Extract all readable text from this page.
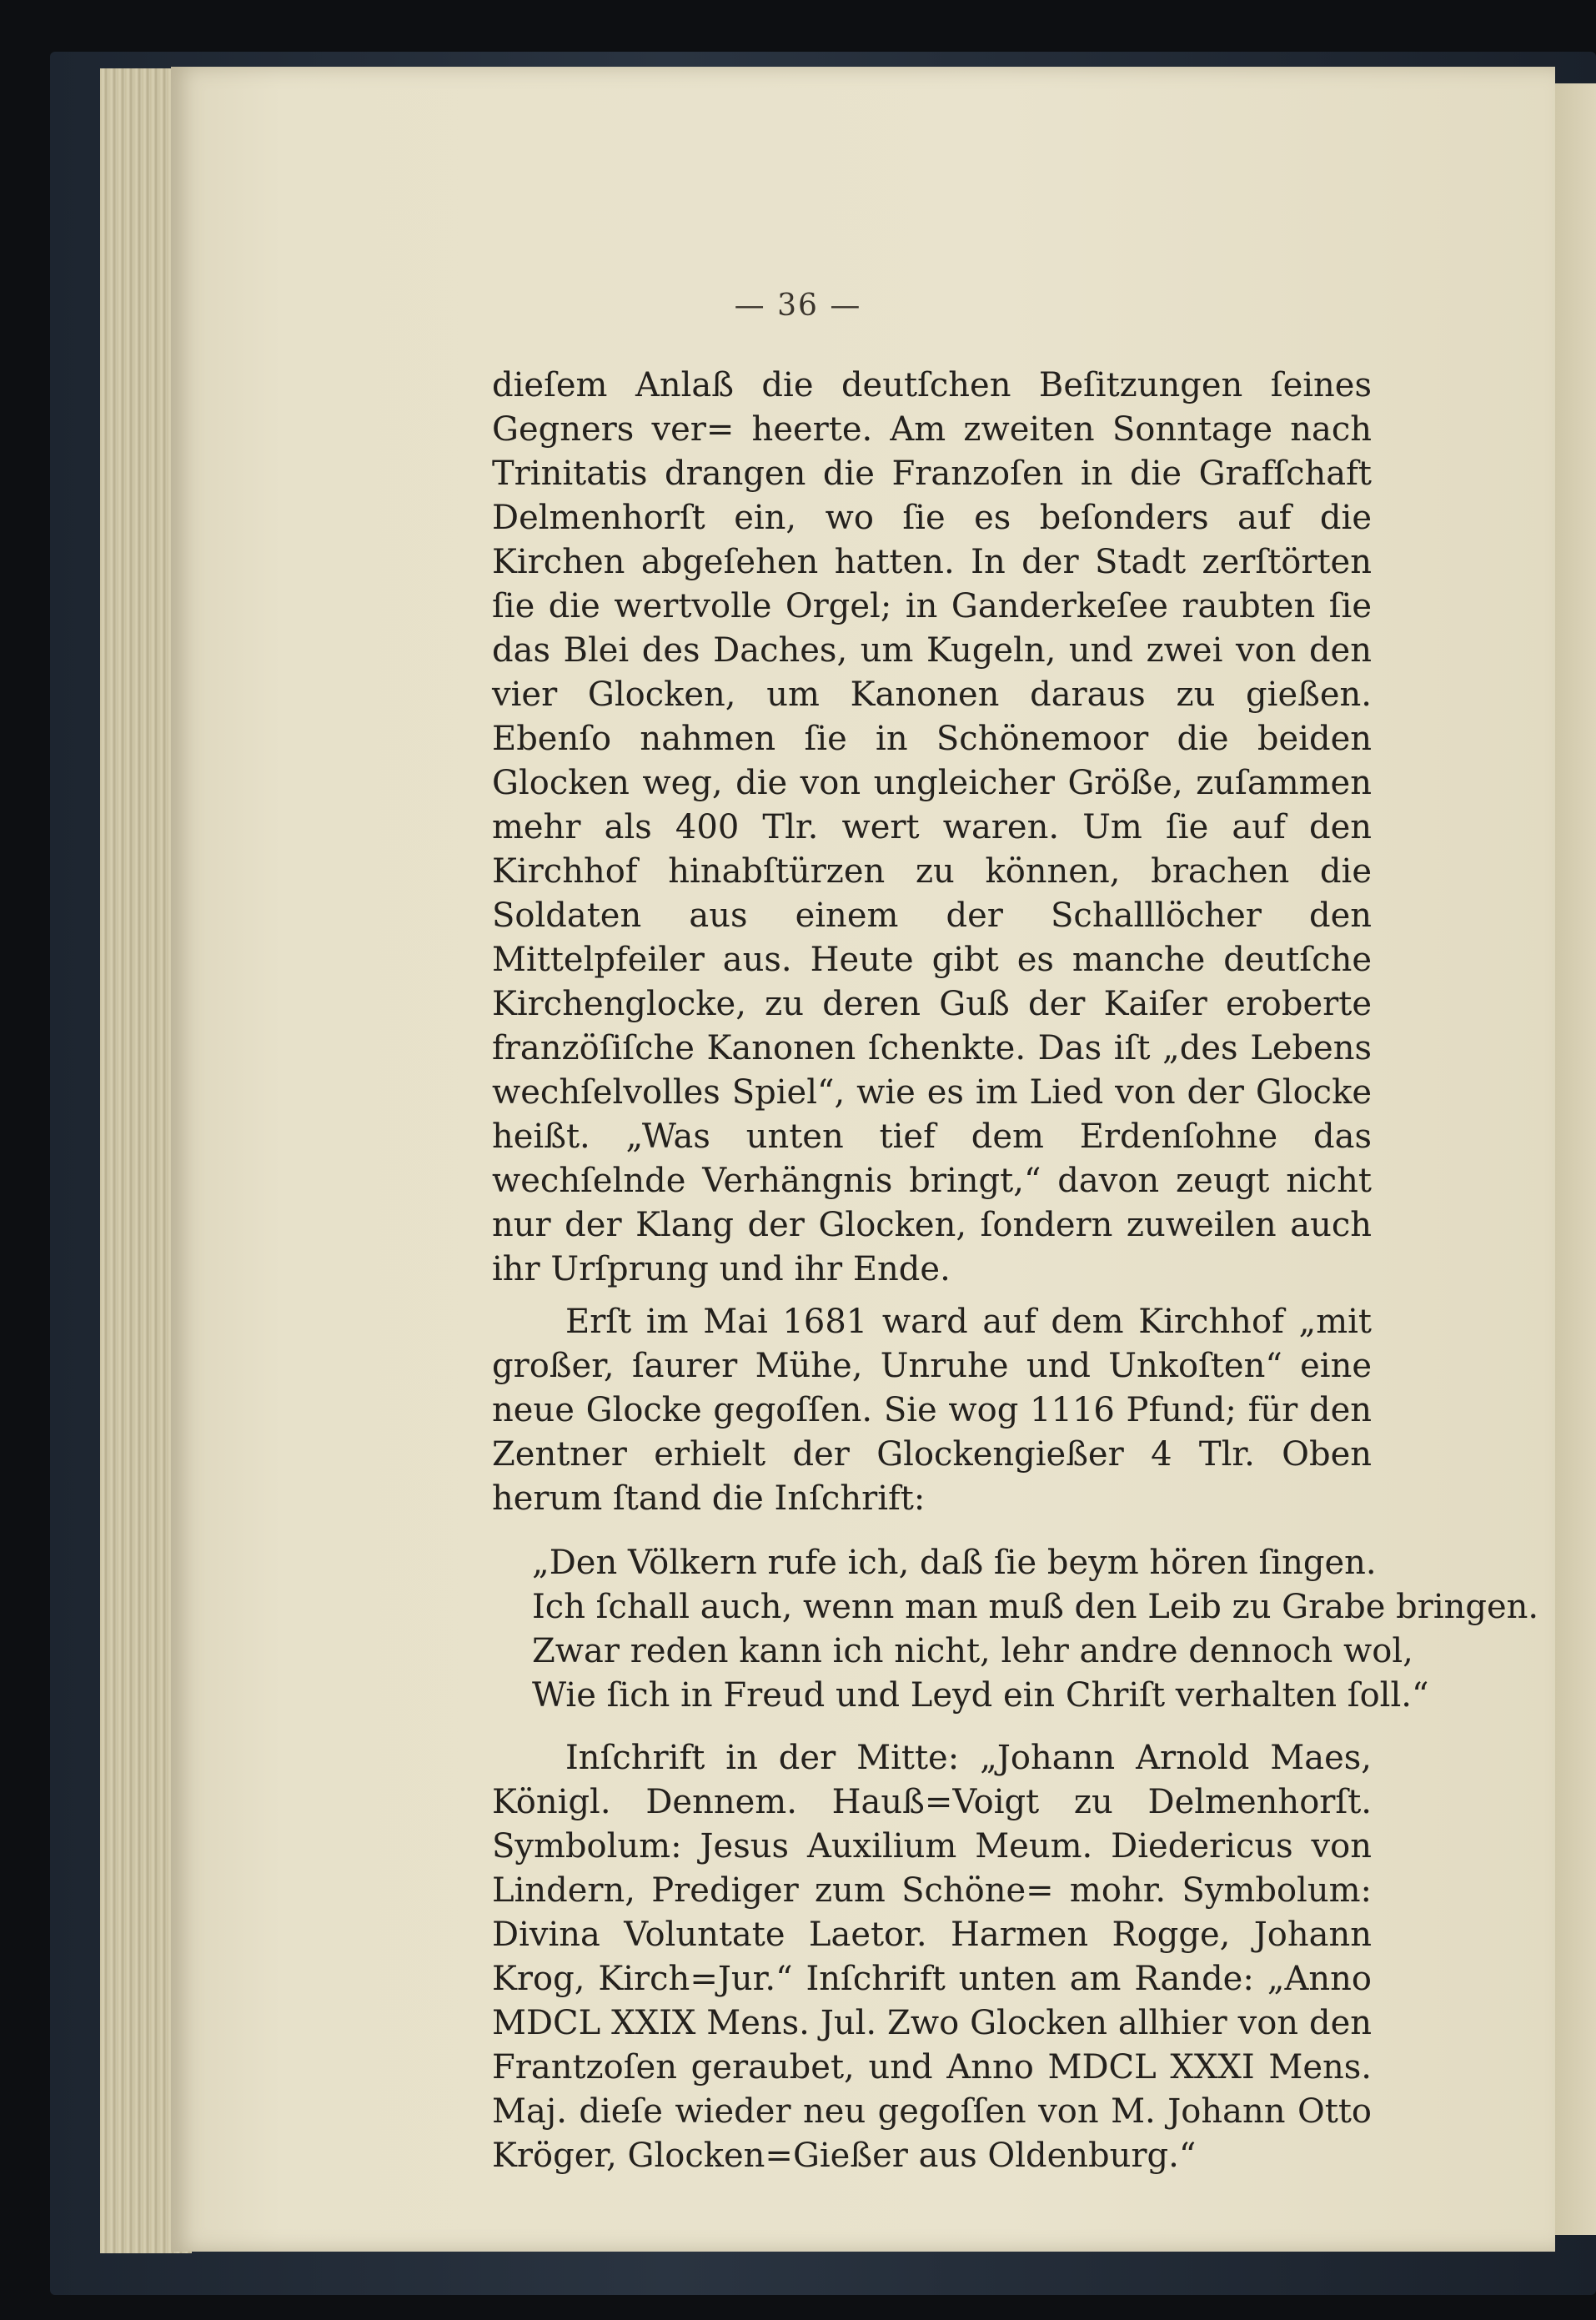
— 36 —

dieſem Anlaß die deutſchen Beſitzungen ſeines Gegners ver= heerte. Am zweiten Sonntage nach Trinitatis drangen die Franzoſen in die Grafſchaft Delmenhorſt ein, wo ſie es beſonders auf die Kirchen abgeſehen hatten. In der Stadt zerſtörten ſie die wertvolle Orgel; in Ganderkeſee raubten ſie das Blei des Daches, um Kugeln, und zwei von den vier Glocken, um Kanonen daraus zu gießen. Ebenſo nahmen ſie in Schönemoor die beiden Glocken weg, die von ungleicher Größe, zuſammen mehr als 400 Tlr. wert waren. Um ſie auf den Kirchhof hinabſtürzen zu können, brachen die Soldaten aus einem der Schalllöcher den Mittelpfeiler aus. Heute gibt es manche deutſche Kirchenglocke, zu deren Guß der Kaiſer eroberte franzöſiſche Kanonen ſchenkte. Das iſt „des Lebens wechſelvolles Spiel“, wie es im Lied von der Glocke heißt. „Was unten tief dem Erdenſohne das wechſelnde Verhängnis bringt,“ davon zeugt nicht nur der Klang der Glocken, ſondern zuweilen auch ihr Urſprung und ihr Ende.

Erſt im Mai 1681 ward auf dem Kirchhof „mit großer, ſaurer Mühe, Unruhe und Unkoſten“ eine neue Glocke gegoſſen. Sie wog 1116 Pfund; für den Zentner erhielt der Glockengießer 4 Tlr. Oben herum ſtand die Inſchrift:

„Den Völkern rufe ich, daß ſie beym hören ſingen.
Ich ſchall auch, wenn man muß den Leib zu Grabe bringen.
Zwar reden kann ich nicht, lehr andre dennoch wol,
Wie ſich in Freud und Leyd ein Chriſt verhalten ſoll.“

Inſchrift in der Mitte: „Johann Arnold Maes, Königl. Dennem. Hauß=Voigt zu Delmenhorſt. Symbolum: Jesus Auxilium Meum. Diedericus von Lindern, Prediger zum Schöne= mohr. Symbolum: Divina Voluntate Laetor. Harmen Rogge, Johann Krog, Kirch=Jur.“ Inſchrift unten am Rande: „Anno MDCL XXIX Mens. Jul. Zwo Glocken allhier von den Frantzoſen geraubet, und Anno MDCL XXXI Mens. Maj. dieſe wieder neu gegoſſen von M. Johann Otto Kröger, Glocken=Gießer aus Oldenburg.“
